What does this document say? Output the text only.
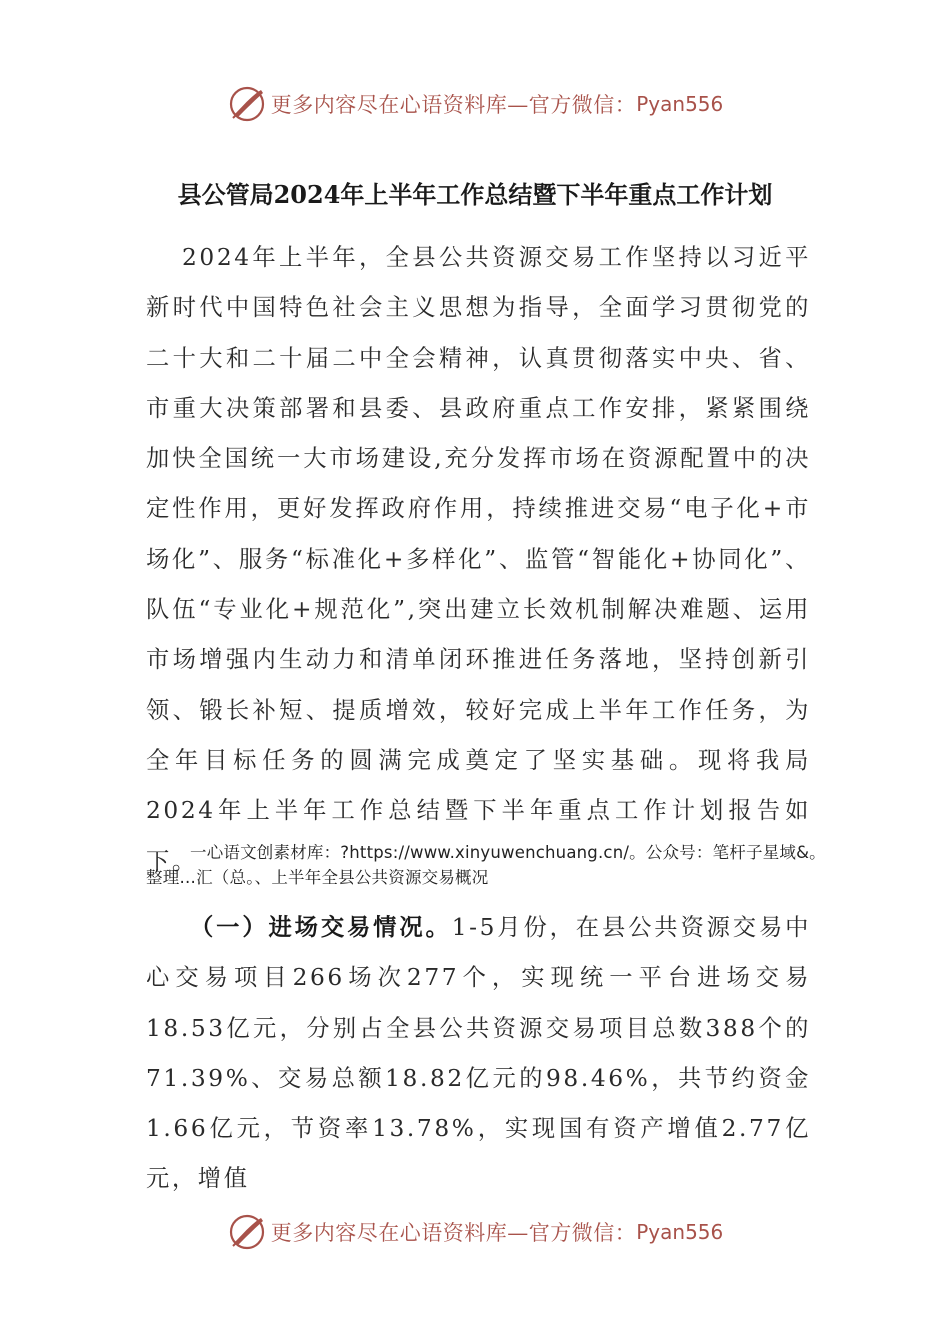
更多内容尽在心语资料库—官方微信： Pyan556
县公管局2024年上半年工作总结暨下半年重点工作计划
2024年上半年，全县公共资源交易工作坚持以习近平新时代中国特色社会主义思想为指导，全面学习贯彻党的二十大和二十届二中全会精神，认真贯彻落实中央、省、市重大决策部署和县委、县政府重点工作安排，紧紧围绕加快全国统一大市场建设,充分发挥市场在资源配置中的决定性作用，更好发挥政府作用，持续推进交易“电子化+市场化”、服务“标准化+多样化”、监管“智能化+协同化”、队伍“专业化+规范化”,突出建立长效机制解决难题、运用市场增强内生动力和清单闭环推进任务落地，坚持创新引领、锻长补短、提质增效，较好完成上半年工作任务，为全年目标任务的圆满完成奠定了坚实基础。现将我局2024年上半年工作总结暨下半年重点工作计划报告如下。
一心语文创素材库：?https://www.xinyuwenchuang.cn/。公众号：笔杆子星域&。整理…汇（总。、上半年全县公共资源交易概况
（一）进场交易情况。1-5月份，在县公共资源交易中心交易项目266场次277个，实现统一平台进场交易18.53亿元，分别占全县公共资源交易项目总数388个的71.39%、交易总额18.82亿元的98.46%，共节约资金1.66亿元，节资率13.78%，实现国有资产增值2.77亿元，增值
更多内容尽在心语资料库—官方微信： Pyan556
